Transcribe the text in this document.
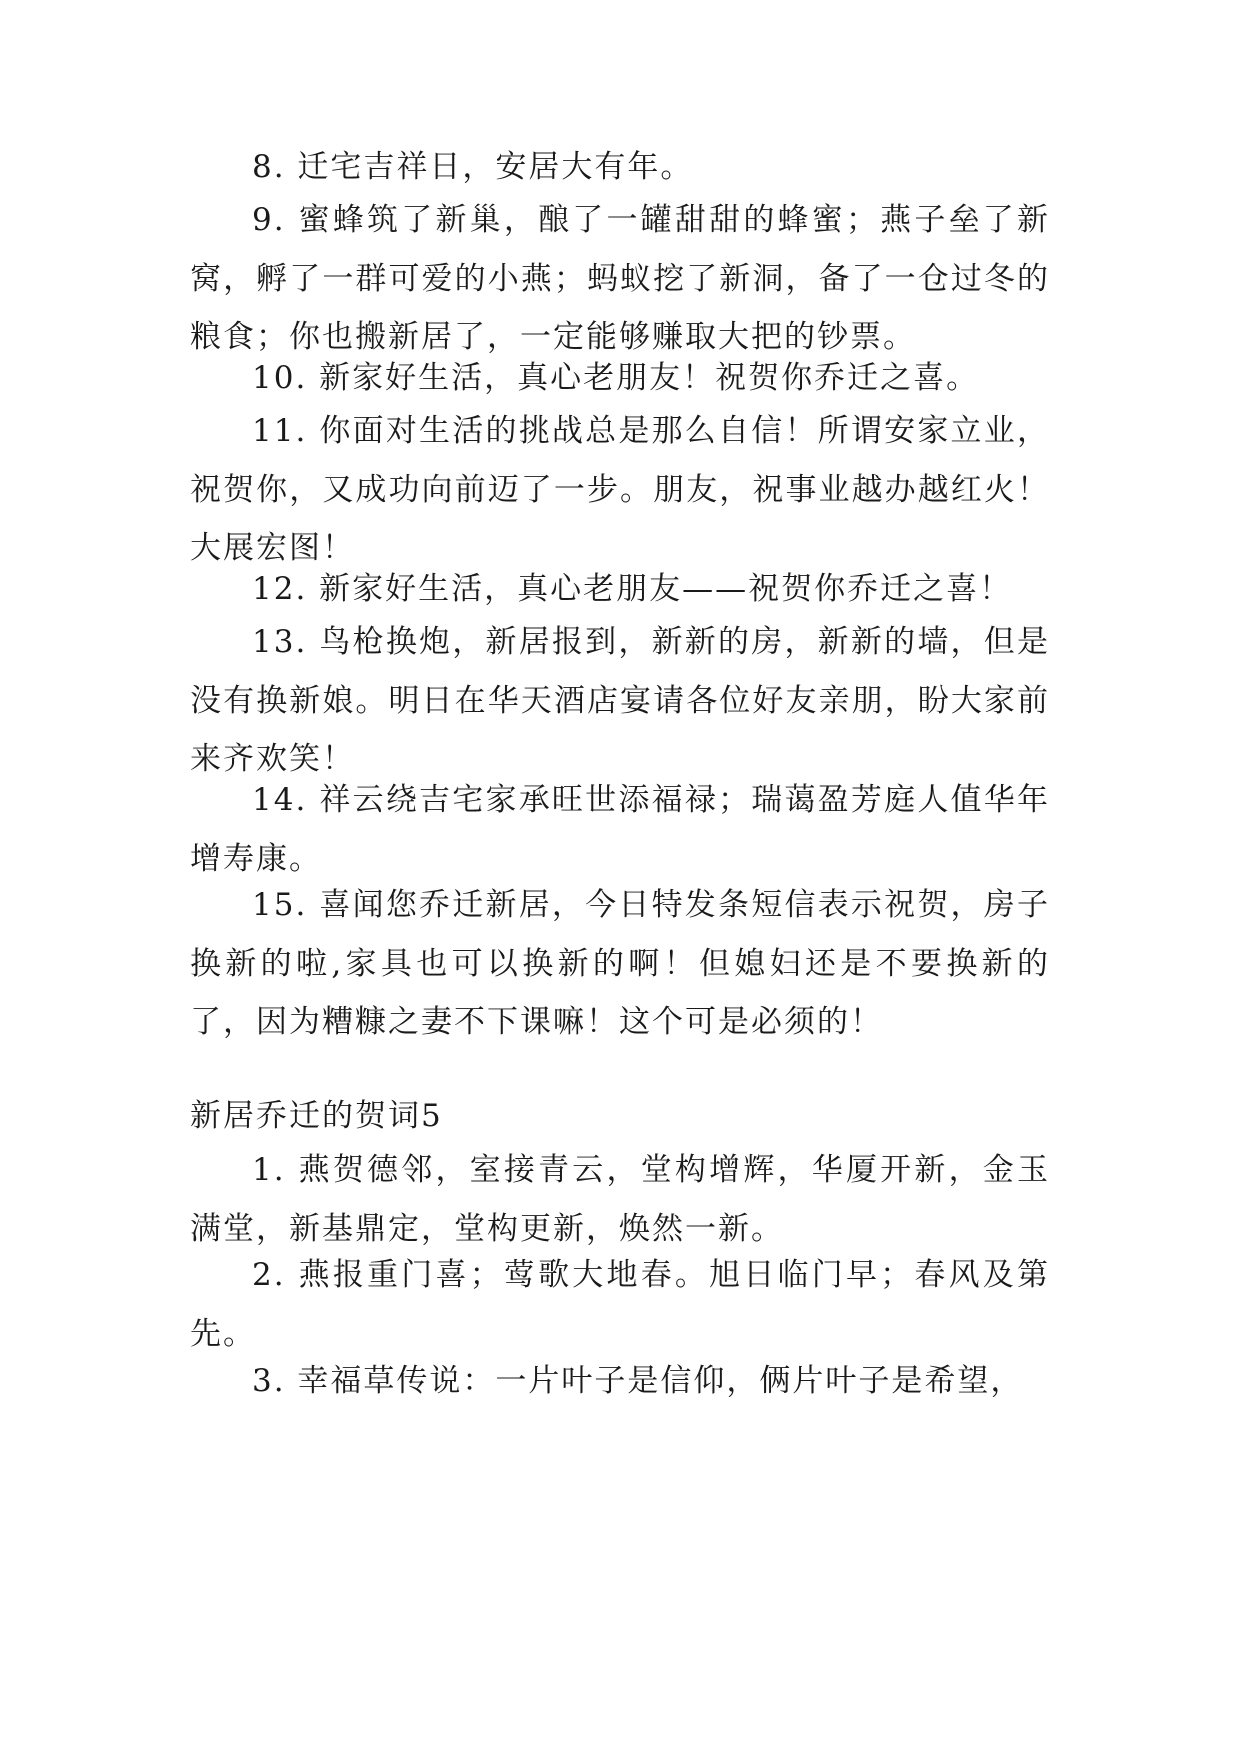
8. 迁宅吉祥日，安居大有年。

9. 蜜蜂筑了新巢，酿了一罐甜甜的蜂蜜；燕子垒了新窝，孵了一群可爱的小燕；蚂蚁挖了新洞，备了一仓过冬的粮食；你也搬新居了，一定能够赚取大把的钞票。

10. 新家好生活，真心老朋友！祝贺你乔迁之喜。

11. 你面对生活的挑战总是那么自信！所谓安家立业，祝贺你，又成功向前迈了一步。朋友，祝事业越办越红火！大展宏图！

12. 新家好生活，真心老朋友——祝贺你乔迁之喜！

13. 鸟枪换炮，新居报到，新新的房，新新的墙，但是没有换新娘。明日在华天酒店宴请各位好友亲朋，盼大家前来齐欢笑！

14. 祥云绕吉宅家承旺世添福禄；瑞蔼盈芳庭人值华年增寿康。

15. 喜闻您乔迁新居，今日特发条短信表示祝贺，房子换新的啦,家具也可以换新的啊！但媳妇还是不要换新的了，因为糟糠之妻不下课嘛！这个可是必须的！

新居乔迁的贺词5

1. 燕贺德邻，室接青云，堂构增辉，华厦开新，金玉满堂，新基鼎定，堂构更新，焕然一新。

2. 燕报重门喜；莺歌大地春。旭日临门早；春风及第先。

3. 幸福草传说：一片叶子是信仰，俩片叶子是希望，
